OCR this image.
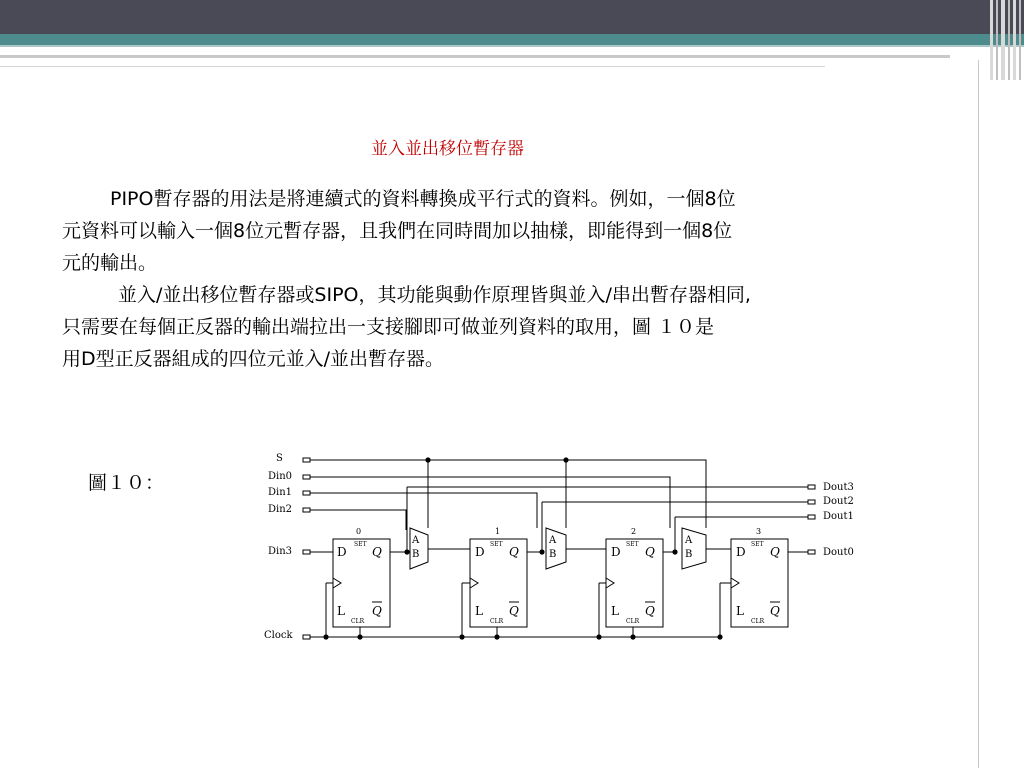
並入並出移位暫存器
PIPO暫存器的用法是將連續式的資料轉換成平行式的資料。例如，一個8位
元資料可以輸入一個8位元暫存器，且我們在同時間加以抽樣，即能得到一個8位
元的輸出。
並入/並出移位暫存器或SIPO，其功能與動作原理皆與並入/串出暫存器相同,
只需要在每個正反器的輸出端拉出一支接腳即可做並列資料的取用，圖 １０是
用D型正反器組成的四位元並入/並出暫存器。
圖１０：
S
Din0
Din1
Din2
Din3
Clock
Dout3
Dout2
Dout1
Dout0
0
SET
D Q
L Q
CLR
A
B
1
SET
D Q
L Q
CLR
A
B
2
SET
D Q
L Q
CLR
A
B
3
SET
D Q
L Q
CLR
